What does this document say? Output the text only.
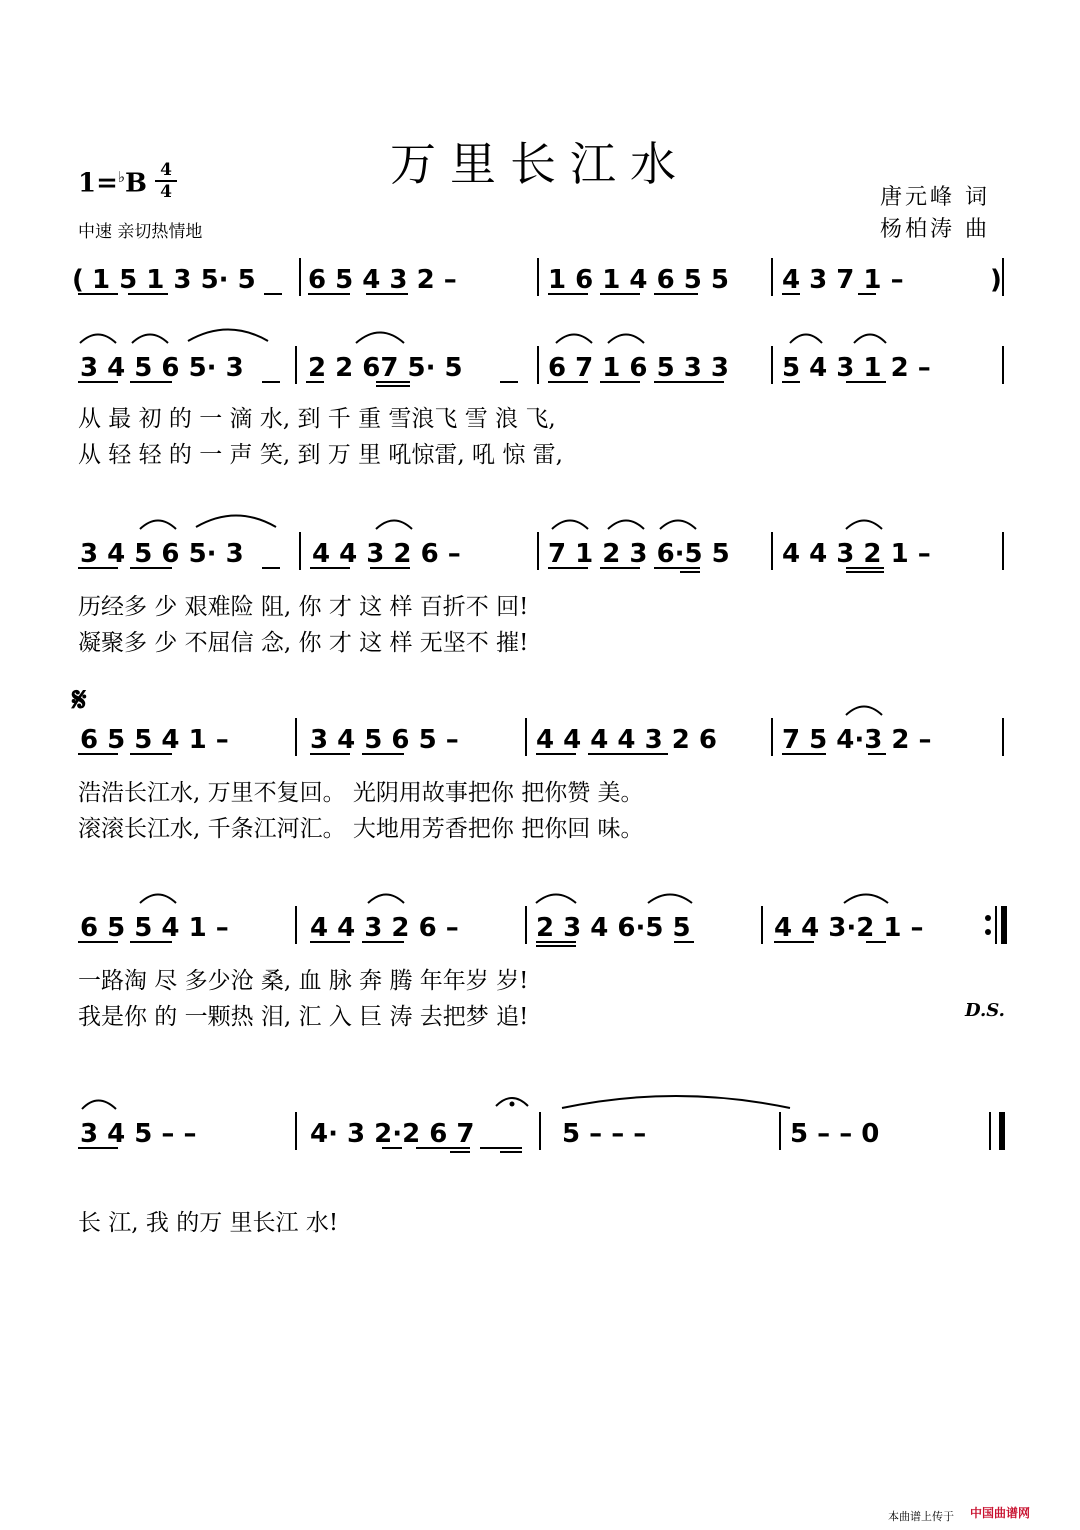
万里长江水
$1=^♭B \frac{4}{4}$
中速 亲切热情地
唐元峰 词
杨柏涛 曲
( 1 5 1 3 5· 5 6 5 4 3 2 –	1 6 1 4 6 5 5 4 3 7 1 –	)
3 4 5 6 5· 3 2 2 67 5· 5	6 7 1 6 5 3 3 5 4 3 1 2 –
3 4 5 6 5· 3	4 4 3 2 6 –	7 1 2 3 6·5 5 4 4 3 2 1 –
6 5 5 4 1 –	3 4 5 6 5 –	4 4 4 4 3 2 6	7 5 4·3 2 –
6 5 5 4 1 –	4 4 3 2 6 –	2 3 4 6·5 5	4 4 3·2 1 –
3 4 5 – –	4· 3 2·2 6 7	5 – – –	5 – – 0
𝄋
从 最 初 的 一 滴 水, 到 千 重 雪浪飞 雪 浪 飞,
从 轻 轻 的 一 声 笑, 到 万 里 吼惊雷, 吼 惊 雷,
历经多 少 艰难险 阻, 你 才 这 样 百折不 回!
凝聚多 少 不屈信 念, 你 才 这 样 无坚不 摧!
浩浩长江水, 万里不复回。 光阴用故事把你 把你赞 美。
滚滚长江水, 千条江河汇。 大地用芳香把你 把你回 味。
一路淘 尽 多少沧 桑, 血 脉 奔 腾 年年岁 岁!
我是你 的 一颗热 泪, 汇 入 巨 涛 去把梦 追!
长 江, 我 的万 里长江 水!
D.S.
本曲谱上传于 中国曲谱网
